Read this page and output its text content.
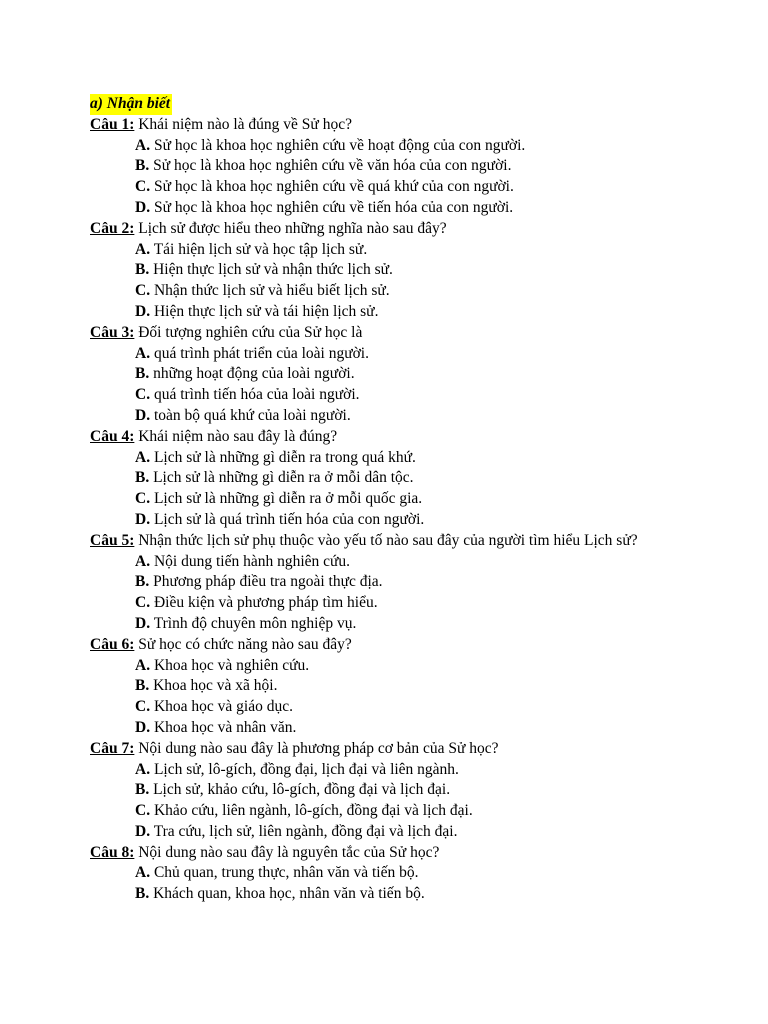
a) Nhận biết

Câu 1: Khái niệm nào là đúng về Sử học?

A. Sử học là khoa học nghiên cứu về hoạt động của con người.

B. Sử học là khoa học nghiên cứu về văn hóa của con người.

C. Sử học là khoa học nghiên cứu về quá khứ của con người.

D. Sử học là khoa học nghiên cứu về tiến hóa của con người.

Câu 2: Lịch sử được hiểu theo những nghĩa nào sau đây?

A. Tái hiện lịch sử và học tập lịch sử.

B. Hiện thực lịch sử và nhận thức lịch sử.

C. Nhận thức lịch sử và hiểu biết lịch sử.

D. Hiện thực lịch sử và tái hiện lịch sử.

Câu 3: Đối tượng nghiên cứu của Sử học là

A. quá trình phát triển của loài người.

B. những hoạt động của loài người.

C. quá trình tiến hóa của loài người.

D. toàn bộ quá khứ của loài người.

Câu 4: Khái niệm nào sau đây là đúng?

A. Lịch sử là những gì diễn ra trong quá khứ.

B. Lịch sử là những gì diễn ra ở mỗi dân tộc.

C. Lịch sử là những gì diễn ra ở mỗi quốc gia.

D. Lịch sử là quá trình tiến hóa của con người.

Câu 5: Nhận thức lịch sử phụ thuộc vào yếu tố nào sau đây của người tìm hiểu Lịch sử?

A. Nội dung tiến hành nghiên cứu.

B. Phương pháp điều tra ngoài thực địa.

C. Điều kiện và phương pháp tìm hiểu.

D. Trình độ chuyên môn nghiệp vụ.

Câu 6: Sử học có chức năng nào sau đây?

A. Khoa học và nghiên cứu.

B. Khoa học và xã hội.

C. Khoa học và giáo dục.

D. Khoa học và nhân văn.

Câu 7: Nội dung nào sau đây là phương pháp cơ bản của Sử học?

A. Lịch sử, lô-gích, đồng đại, lịch đại và liên ngành.

B. Lịch sử, khảo cứu, lô-gích, đồng đại và lịch đại.

C. Khảo cứu, liên ngành, lô-gích, đồng đại và lịch đại.

D. Tra cứu, lịch sử, liên ngành, đồng đại và lịch đại.

Câu 8: Nội dung nào sau đây là nguyên tắc của Sử học?

A. Chủ quan, trung thực, nhân văn và tiến bộ.

B. Khách quan, khoa học, nhân văn và tiến bộ.
